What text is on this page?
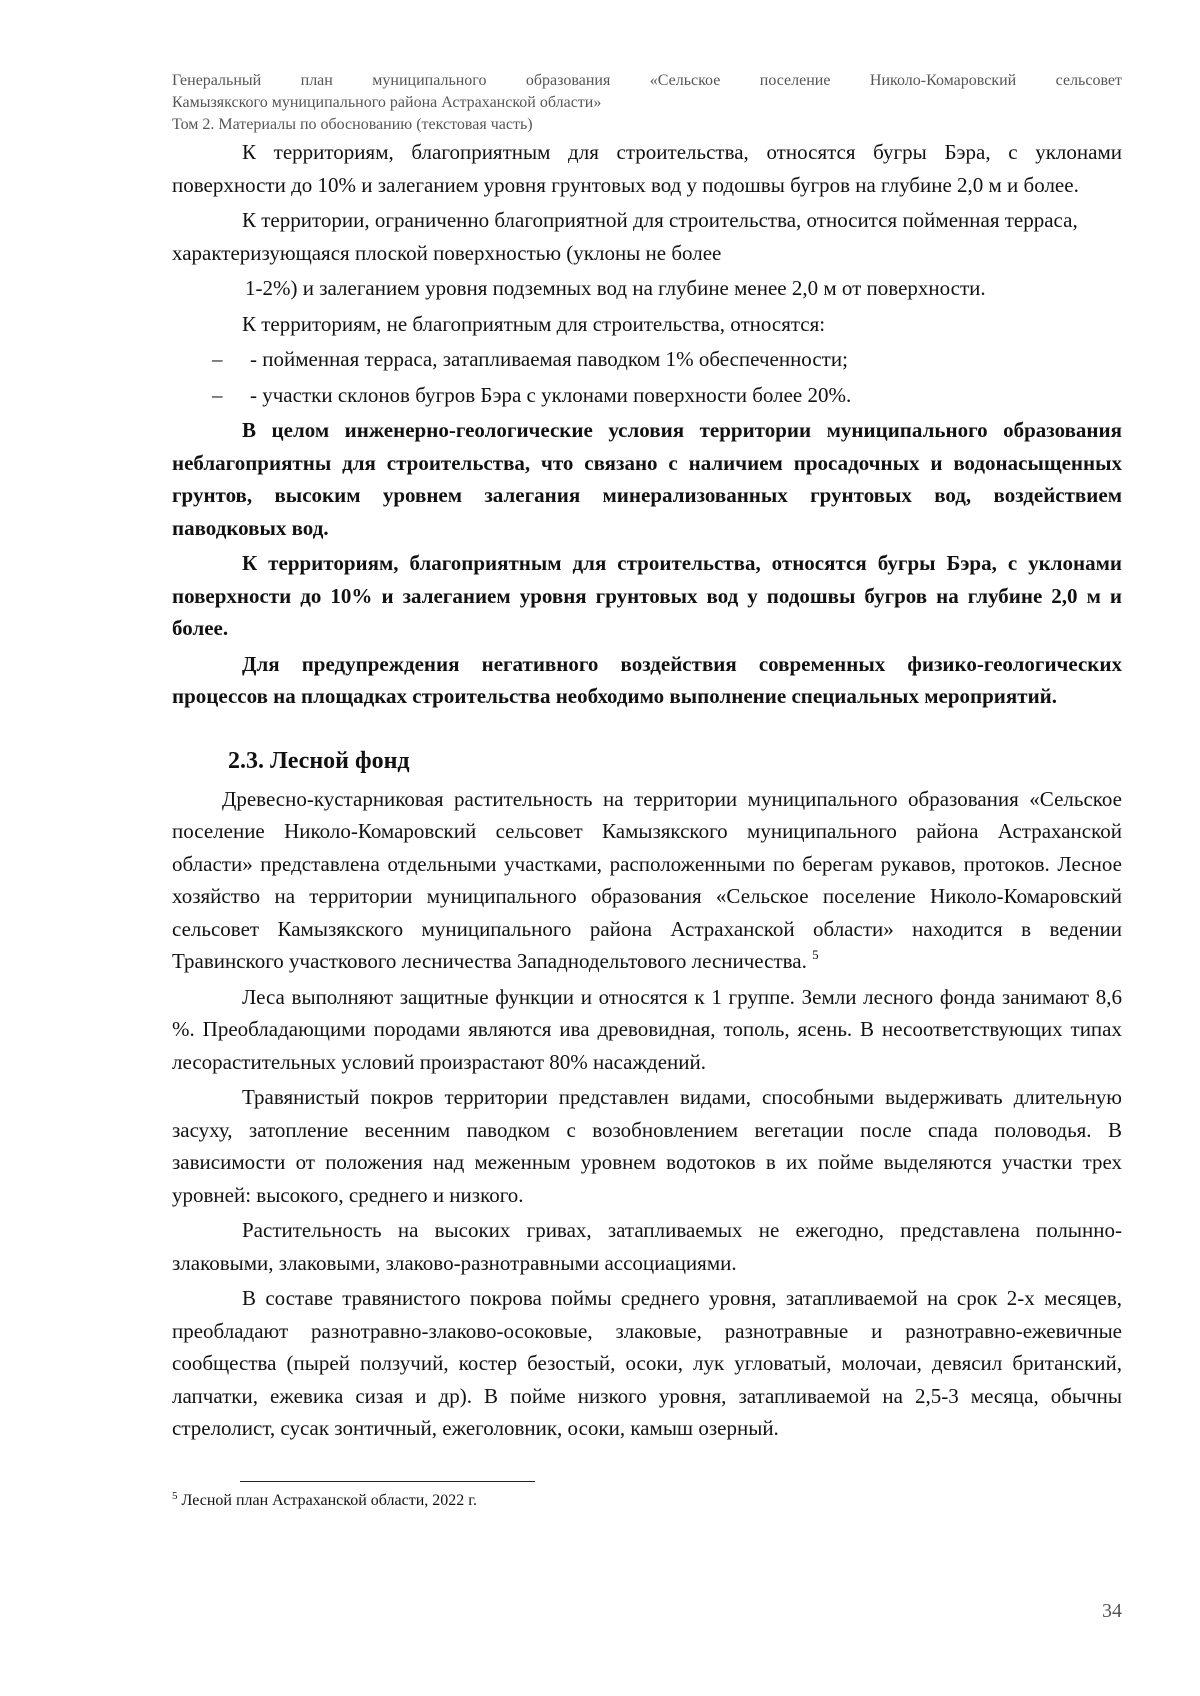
Генеральный план муниципального образования «Сельское поселение Николо-Комаровский сельсовет
Камызякского муниципального района Астраханской области»
Том 2. Материалы по обоснованию (текстовая часть)

К территориям, благоприятным для строительства, относятся бугры Бэра, с уклонами поверхности до 10% и залеганием уровня грунтовых вод у подошвы бугров на глубине 2,0 м и более.

К территории, ограниченно благоприятной для строительства, относится пойменная терраса, характеризующаяся плоской поверхностью (уклоны не более

1-2%) и залеганием уровня подземных вод на глубине менее 2,0 м от поверхности.

К территориям, не благоприятным для строительства, относятся:

– - пойменная терраса, затапливаемая паводком 1% обеспеченности;
– - участки склонов бугров Бэра с уклонами поверхности более 20%.

В целом инженерно-геологические условия территории муниципального образования неблагоприятны для строительства, что связано с наличием просадочных и водонасыщенных грунтов, высоким уровнем залегания минерализованных грунтовых вод, воздействием паводковых вод.

К территориям, благоприятным для строительства, относятся бугры Бэра, с уклонами поверхности до 10% и залеганием уровня грунтовых вод у подошвы бугров на глубине 2,0 м и более.

Для предупреждения негативного воздействия современных физико-геологических процессов на площадках строительства необходимо выполнение специальных мероприятий.

2.3. Лесной фонд

Древесно-кустарниковая растительность на территории муниципального образования «Сельское поселение Николо-Комаровский сельсовет Камызякского муниципального района Астраханской области» представлена отдельными участками, расположенными по берегам рукавов, протоков. Лесное хозяйство на территории муниципального образования «Сельское поселение Николо-Комаровский сельсовет Камызякского муниципального района Астраханской области» находится в ведении Травинского участкового лесничества Западнодельтового лесничества. $^5$

Леса выполняют защитные функции и относятся к 1 группе. Земли лесного фонда занимают 8,6 %. Преобладающими породами являются ива древовидная, тополь, ясень. В несоответствующих типах лесорастительных условий произрастают 80% насаждений.

Травянистый покров территории представлен видами, способными выдерживать длительную засуху, затопление весенним паводком с возобновлением вегетации после спада половодья. В зависимости от положения над меженным уровнем водотоков в их пойме выделяются участки трех уровней: высокого, среднего и низкого.

Растительность на высоких гривах, затапливаемых не ежегодно, представлена полынно-злаковыми, злаковыми, злаково-разнотравными ассоциациями.

В составе травянистого покрова поймы среднего уровня, затапливаемой на срок 2-х месяцев, преобладают разнотравно-злаково-осоковые, злаковые, разнотравные и разнотравно-ежевичные сообщества (пырей ползучий, костер безостый, осоки, лук угловатый, молочаи, девясил британский, лапчатки, ежевика сизая и др). В пойме низкого уровня, затапливаемой на 2,5-3 месяца, обычны стрелолист, сусак зонтичный, ежеголовник, осоки, камыш озерный.

$^5$ Лесной план Астраханской области, 2022 г.
34
